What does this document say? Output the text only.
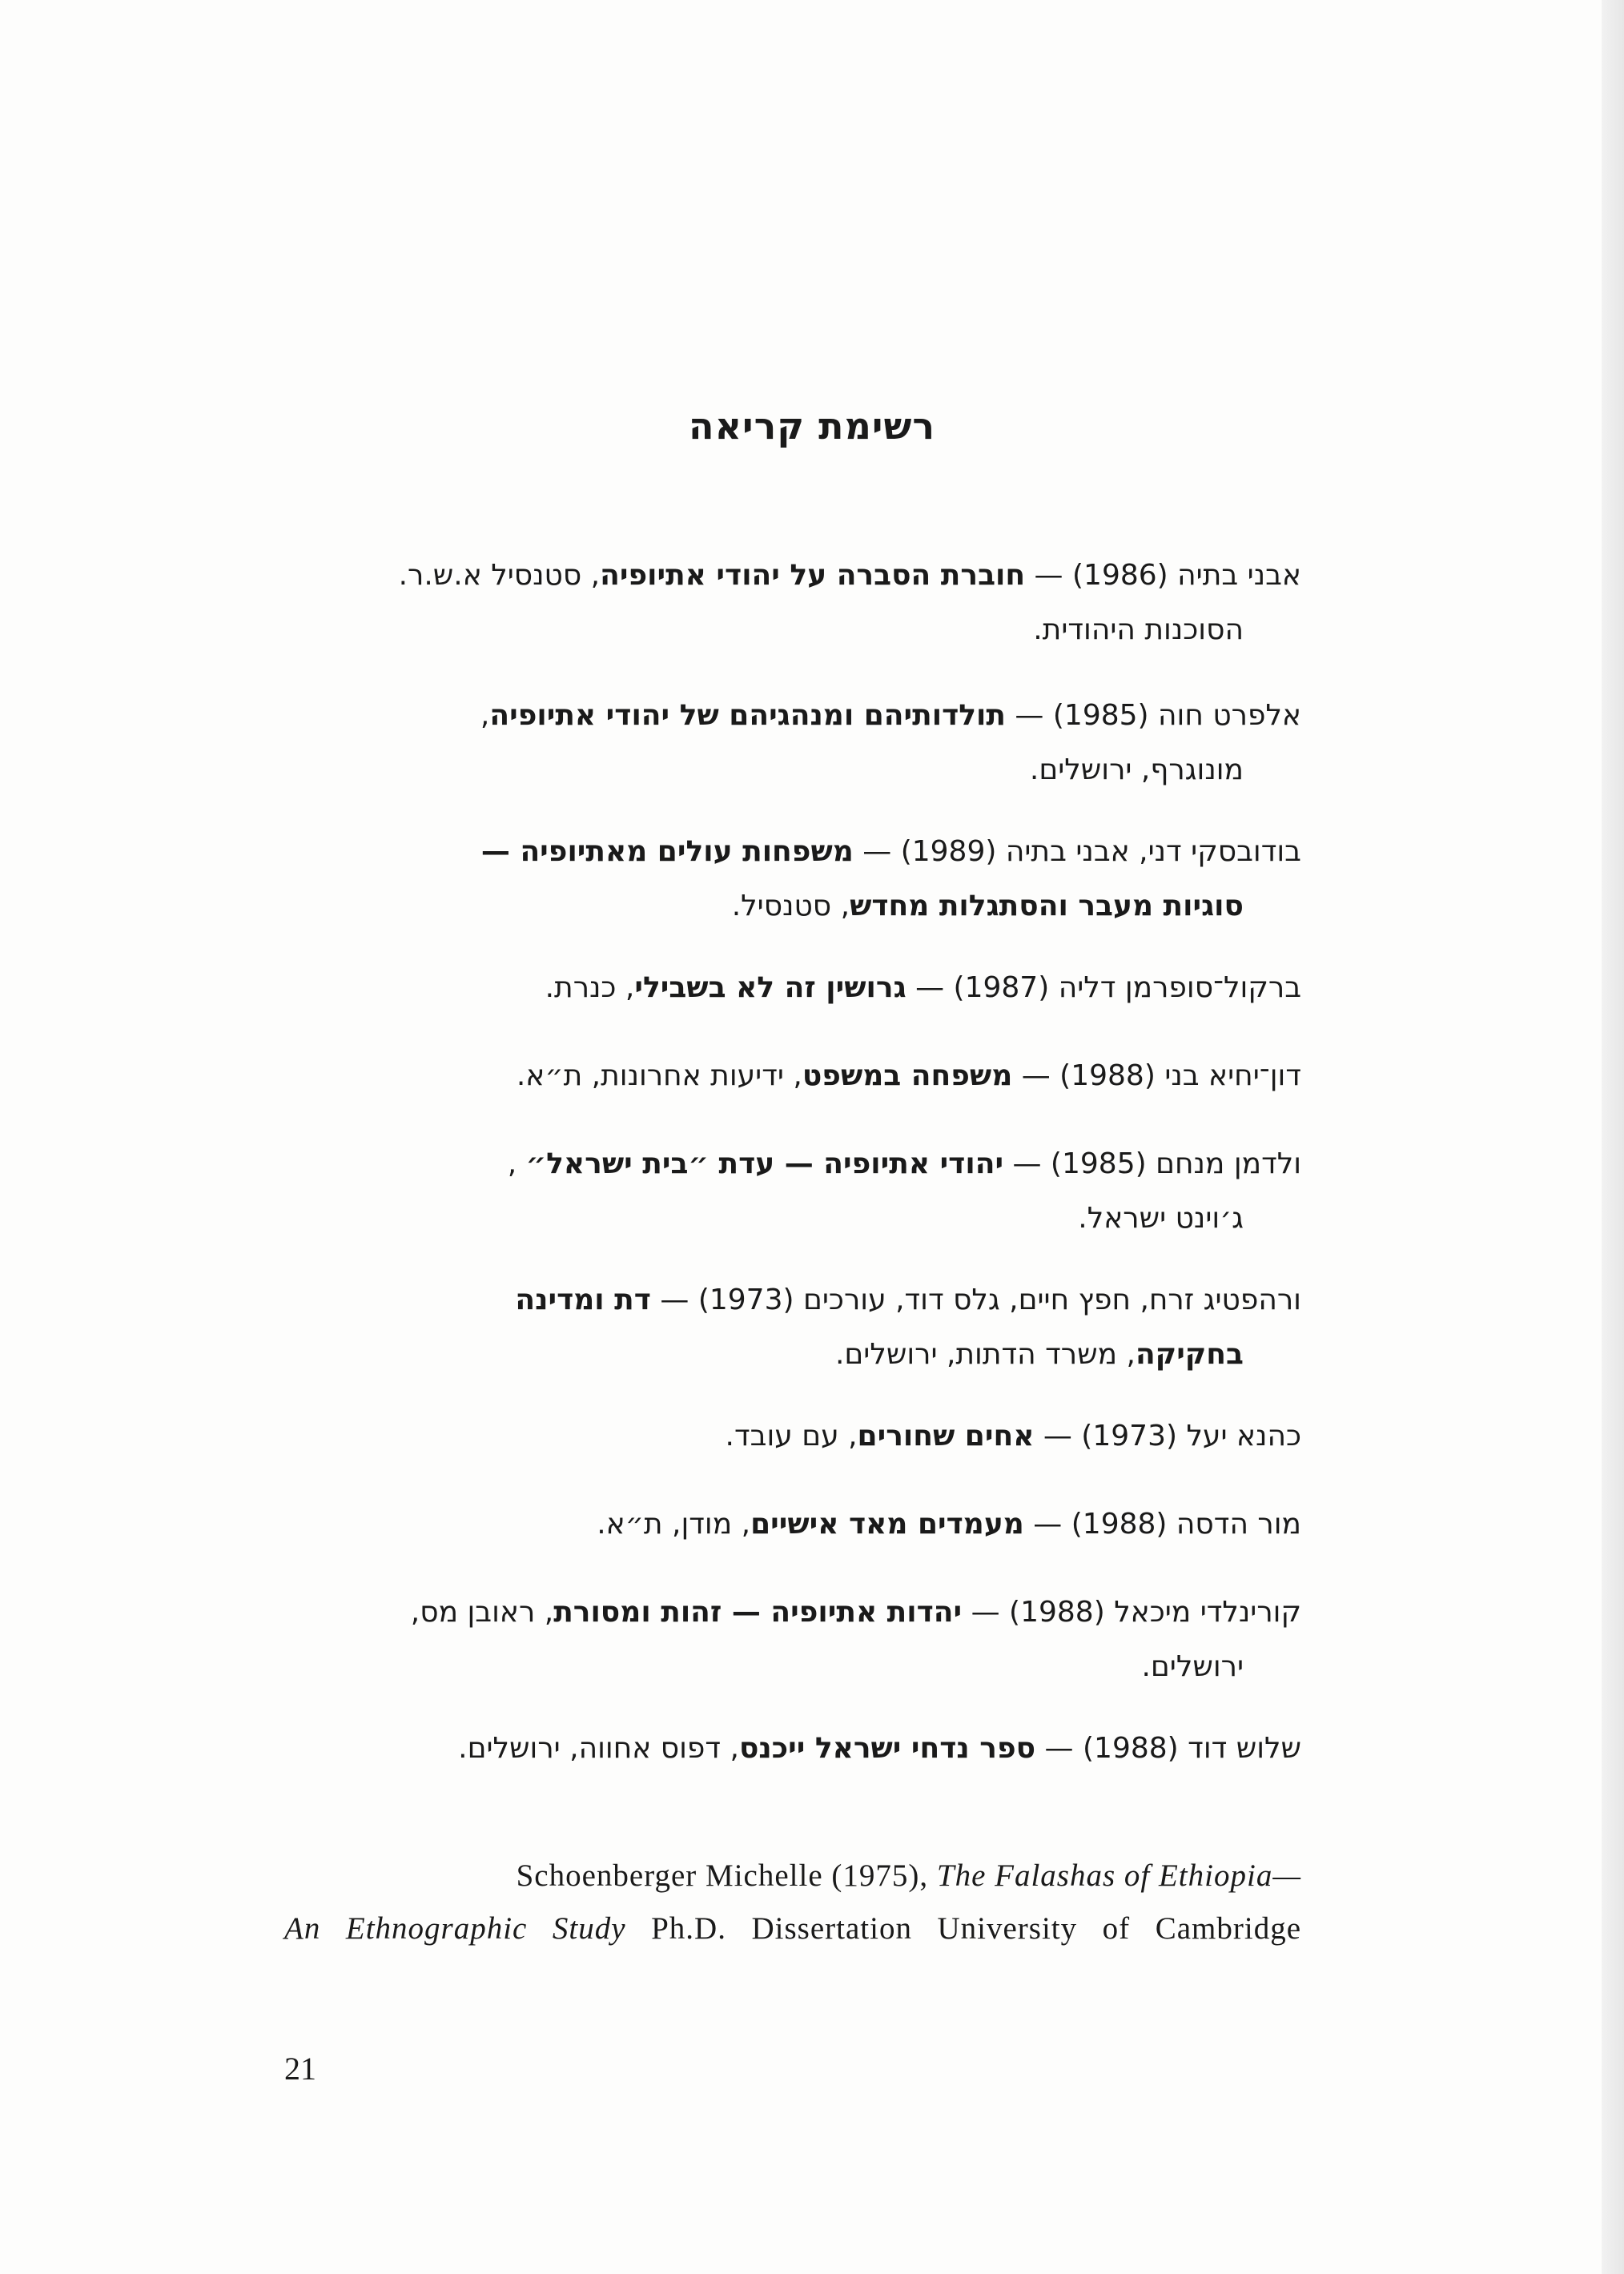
רשימת קריאה

אבני בתיה (1986) — חוברת הסברה על יהודי אתיופיה, סטנסיל א.ש.ר.
הסוכנות היהודית.

אלפרט חוה (1985) — תולדותיהם ומנהגיהם של יהודי אתיופיה,
מונוגרף, ירושלים.

בודובסקי דני, אבני בתיה (1989) — משפחות עולים מאתיופיה —
סוגיות מעבר והסתגלות מחדש, סטנסיל.

ברקול־סופרמן דליה (1987) — גרושין זה לא בשבילי, כנרת.

דון־יחיא בני (1988) — משפחה במשפט, ידיעות אחרונות, ת״א.

ולדמן מנחם (1985) — יהודי אתיופיה — עדת ״בית ישראל״ ,
ג׳וינט ישראל.

ורהפטיג זרח, חפץ חיים, גלס דוד, עורכים (1973) — דת ומדינה
בחקיקה, משרד הדתות, ירושלים.

כהנא יעל (1973) — אחים שחורים, עם עובד.

מור הדסה (1988) — מעמדים מאד אישיים, מודן, ת״א.

קורינלדי מיכאל (1988) — יהדות אתיופיה — זהות ומסורת, ראובן מס,
ירושלים.

שלוש דוד (1988) — ספר נדחי ישראל ייכנס, דפוס אחווה, ירושלים.

Schoenberger Michelle (1975), The Falashas of Ethiopia—
An Ethnographic Study Ph.D. Dissertation University of Cambridge
21
